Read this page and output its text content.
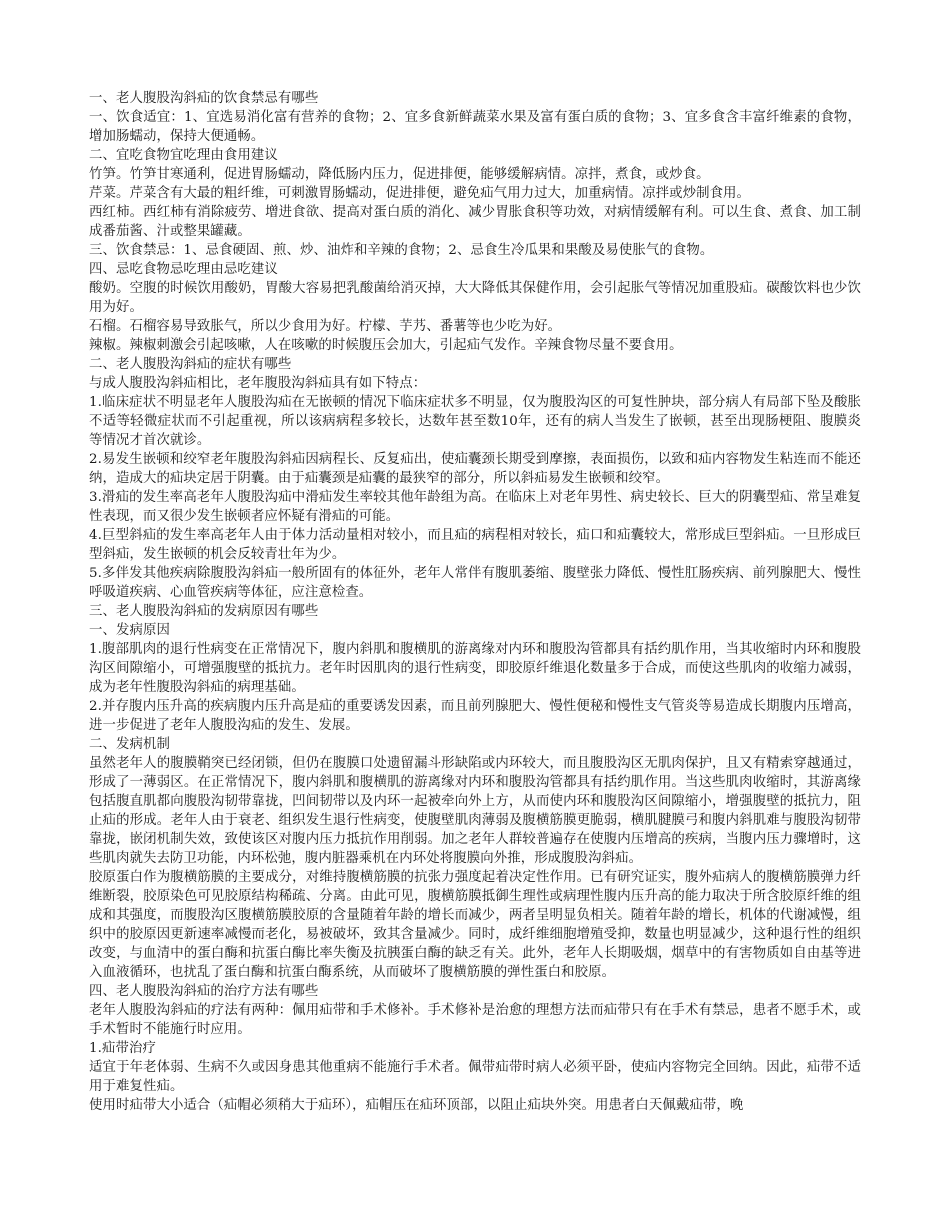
一、老人腹股沟斜疝的饮食禁忌有哪些

一、饮食适宜：1、宜选易消化富有营养的食物；2、宜多食新鲜蔬菜水果及富有蛋白质的食物；3、宜多食含丰富纤维素的食物，增加肠蠕动，保持大便通畅。

二、宜吃食物宜吃理由食用建议

竹笋。竹笋甘寒通利，促进胃肠蠕动，降低肠内压力，促进排便，能够缓解病情。凉拌，煮食，或炒食。

芹菜。芹菜含有大最的粗纤维，可刺激胃肠蠕动，促进排便，避免疝气用力过大，加重病情。凉拌或炒制食用。

西红柿。西红柿有消除疲劳、增进食欲、提高对蛋白质的消化、减少胃胀食积等功效，对病情缓解有利。可以生食、煮食、加工制成番茄酱、汁或整果罐藏。

三、饮食禁忌：1、忌食硬固、煎、炒、油炸和辛辣的食物；2、忌食生冷瓜果和果酸及易使胀气的食物。

四、忌吃食物忌吃理由忌吃建议

酸奶。空腹的时候饮用酸奶，胃酸大容易把乳酸菌给消灭掉，大大降低其保健作用，会引起胀气等情况加重股疝。碳酸饮料也少饮用为好。

石榴。石榴容易导致胀气，所以少食用为好。柠檬、芋艿、番薯等也少吃为好。

辣椒。辣椒刺激会引起咳嗽，人在咳嗽的时候腹压会加大，引起疝气发作。辛辣食物尽量不要食用。

二、老人腹股沟斜疝的症状有哪些

与成人腹股沟斜疝相比，老年腹股沟斜疝具有如下特点：

1.临床症状不明显老年人腹股沟疝在无嵌顿的情况下临床症状多不明显，仅为腹股沟区的可复性肿块，部分病人有局部下坠及酸胀不适等轻微症状而不引起重视，所以该病病程多较长，达数年甚至数10年，还有的病人当发生了嵌顿，甚至出现肠梗阻、腹膜炎等情况才首次就诊。

2.易发生嵌顿和绞窄老年腹股沟斜疝因病程长、反复疝出，使疝囊颈长期受到摩擦，表面损伤，以致和疝内容物发生粘连而不能还纳，造成大的疝块定居于阴囊。由于疝囊颈是疝囊的最狭窄的部分，所以斜疝易发生嵌顿和绞窄。

3.滑疝的发生率高老年人腹股沟疝中滑疝发生率较其他年龄组为高。在临床上对老年男性、病史较长、巨大的阴囊型疝、常呈难复性表现，而又很少发生嵌顿者应怀疑有滑疝的可能。

4.巨型斜疝的发生率高老年人由于体力活动量相对较小，而且疝的病程相对较长，疝口和疝囊较大，常形成巨型斜疝。一旦形成巨型斜疝，发生嵌顿的机会反较青壮年为少。

5.多伴发其他疾病除腹股沟斜疝一般所固有的体征外，老年人常伴有腹肌萎缩、腹壁张力降低、慢性肛肠疾病、前列腺肥大、慢性呼吸道疾病、心血管疾病等体征，应注意检查。

三、老人腹股沟斜疝的发病原因有哪些

一、发病原因

1.腹部肌肉的退行性病变在正常情况下，腹内斜肌和腹横肌的游离缘对内环和腹股沟管都具有括约肌作用，当其收缩时内环和腹股沟区间隙缩小，可增强腹壁的抵抗力。老年时因肌肉的退行性病变，即胶原纤维退化数量多于合成，而使这些肌肉的收缩力减弱，成为老年性腹股沟斜疝的病理基础。

2.并存腹内压升高的疾病腹内压升高是疝的重要诱发因素，而且前列腺肥大、慢性便秘和慢性支气管炎等易造成长期腹内压增高，进一步促进了老年人腹股沟疝的发生、发展。

二、发病机制

虽然老年人的腹膜鞘突已经闭锁，但仍在腹膜口处遗留漏斗形缺陷或内环较大，而且腹股沟区无肌肉保护，且又有精索穿越通过，形成了一薄弱区。在正常情况下，腹内斜肌和腹横肌的游离缘对内环和腹股沟管都具有括约肌作用。当这些肌肉收缩时，其游离缘包括腹直肌都向腹股沟韧带靠拢，凹间韧带以及内环一起被牵向外上方，从而使内环和腹股沟区间隙缩小，增强腹壁的抵抗力，阻止疝的形成。老年人由于衰老、组织发生退行性病变，使腹壁肌肉薄弱及腹横筋膜更脆弱，横肌腱膜弓和腹内斜肌难与腹股沟韧带靠拢，嵌闭机制失效，致使该区对腹内压力抵抗作用削弱。加之老年人群较普遍存在使腹内压增高的疾病，当腹内压力骤增时，这些肌肉就失去防卫功能，内环松弛，腹内脏器乘机在内环处将腹膜向外推，形成腹股沟斜疝。

胶原蛋白作为腹横筋膜的主要成分，对维持腹横筋膜的抗张力强度起着决定性作用。已有研究证实，腹外疝病人的腹横筋膜弹力纤维断裂，胶原染色可见胶原结构稀疏、分离。由此可见，腹横筋膜抵御生理性或病理性腹内压升高的能力取决于所含胶原纤维的组成和其强度，而腹股沟区腹横筋膜胶原的含量随着年龄的增长而减少，两者呈明显负相关。随着年龄的增长，机体的代谢减慢，组织中的胶原因更新速率减慢而老化，易被破坏，致其含量减少。同时，成纤维细胞增殖受抑，数量也明显减少，这种退行性的组织改变，与血清中的蛋白酶和抗蛋白酶比率失衡及抗胰蛋白酶的缺乏有关。此外，老年人长期吸烟，烟草中的有害物质如自由基等进入血液循环，也扰乱了蛋白酶和抗蛋白酶系统，从而破坏了腹横筋膜的弹性蛋白和胶原。

四、老人腹股沟斜疝的治疗方法有哪些

老年人腹股沟斜疝的疗法有两种：佩用疝带和手术修补。手术修补是治愈的理想方法而疝带只有在手术有禁忌，患者不愿手术，或手术暂时不能施行时应用。

1.疝带治疗

适宜于年老体弱、生病不久或因身患其他重病不能施行手术者。佩带疝带时病人必须平卧，使疝内容物完全回纳。因此，疝带不适用于难复性疝。

使用时疝带大小适合（疝帽必须稍大于疝环），疝帽压在疝环顶部，以阻止疝块外突。用患者白天佩戴疝带，晚
